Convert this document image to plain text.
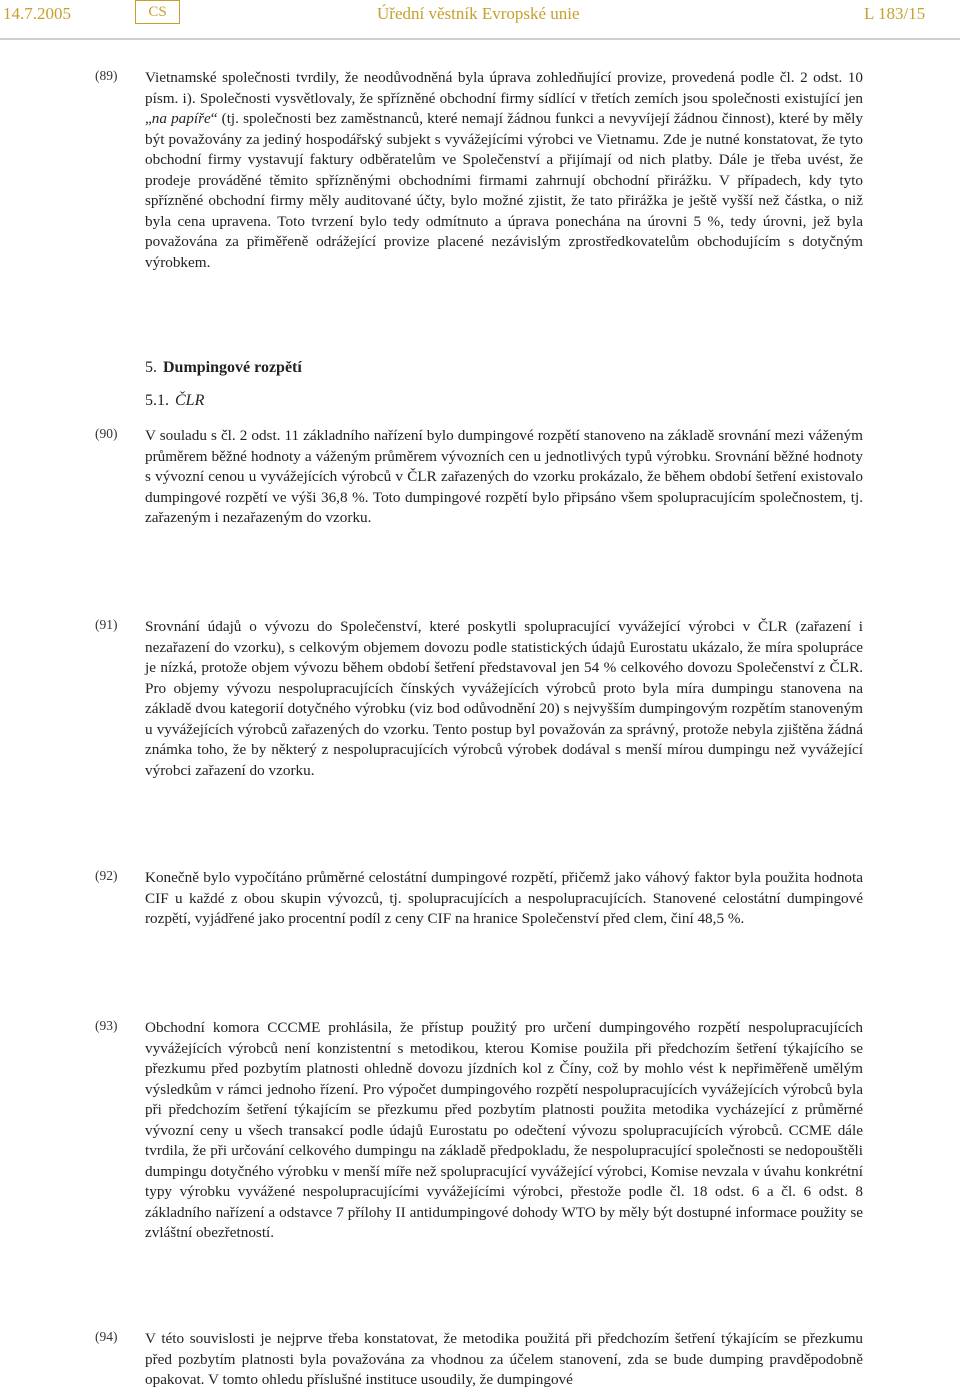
14.7.2005	CS	Úřední věstník Evropské unie	L 183/15
(89) Vietnamské společnosti tvrdily, že neodůvodněná byla úprava zohledňující provize, provedená podle čl. 2 odst. 10 písm. i). Společnosti vysvětlovaly, že spřízněné obchodní firmy sídlící v třetích zemích jsou společnosti existující jen „na papíře“ (tj. společnosti bez zaměstnanců, které nemají žádnou funkci a nevyvíjejí žádnou činnost), které by měly být považovány za jediný hospodářský subjekt s vyvážejícími výrobci ve Vietnamu. Zde je nutné konstatovat, že tyto obchodní firmy vystavují faktury odběratelům ve Společenství a přijímají od nich platby. Dále je třeba uvést, že prodeje prováděné těmito spřízněnými obchodními firmami zahrnují obchodní přirážku. V případech, kdy tyto spřízněné obchodní firmy měly auditované účty, bylo možné zjistit, že tato přirážka je ještě vyšší než částka, o niž byla cena upravena. Toto tvrzení bylo tedy odmítnuto a úprava ponechána na úrovni 5 %, tedy úrovni, jež byla považována za přiměřeně odrážející provize placené nezávislým zprostředkovatelům obchodujícím s dotyčným výrobkem.
5. Dumpingové rozpětí
5.1. ČLR
(90) V souladu s čl. 2 odst. 11 základního nařízení bylo dumpingové rozpětí stanoveno na základě srovnání mezi váženým průměrem běžné hodnoty a váženým průměrem vývozních cen u jednotlivých typů výrobku. Srovnání běžné hodnoty s vývozní cenou u vyvážejících výrobců v ČLR zařazených do vzorku prokázalo, že během období šetření existovalo dumpingové rozpětí ve výši 36,8 %. Toto dumpingové rozpětí bylo připsáno všem spolupracujícím společnostem, tj. zařazeným i nezařazeným do vzorku.
(91) Srovnání údajů o vývozu do Společenství, které poskytli spolupracující vyvážející výrobci v ČLR (zařazení i nezařazení do vzorku), s celkovým objemem dovozu podle statistických údajů Eurostatu ukázalo, že míra spolupráce je nízká, protože objem vývozu během období šetření představoval jen 54 % celkového dovozu Společenství z ČLR. Pro objemy vývozu nespolupracujících čínských vyvážejících výrobců proto byla míra dumpingu stanovena na základě dvou kategorií dotyčného výrobku (viz bod odůvodnění 20) s nejvyšším dumpingovým rozpětím stanoveným u vyvážejících výrobců zařazených do vzorku. Tento postup byl považován za správný, protože nebyla zjištěna žádná známka toho, že by některý z nespolupracujících výrobců výrobek dodával s menší mírou dumpingu než vyvážející výrobci zařazení do vzorku.
(92) Konečně bylo vypočítáno průměrné celostátní dumpingové rozpětí, přičemž jako váhový faktor byla použita hodnota CIF u každé z obou skupin vývozců, tj. spolupracujících a nespolupracujících. Stanovené celostátní dumpingové rozpětí, vyjádřené jako procentní podíl z ceny CIF na hranice Společenství před clem, činí 48,5 %.
(93) Obchodní komora CCCME prohlásila, že přístup použitý pro určení dumpingového rozpětí nespolupracujících vyvážejících výrobců není konzistentní s metodikou, kterou Komise použila při předchozím šetření týkajícího se přezkumu před pozbytím platnosti ohledně dovozu jízdních kol z Číny, což by mohlo vést k nepřiměřeně umělým výsledkům v rámci jednoho řízení. Pro výpočet dumpingového rozpětí nespolupracujících vyvážejících výrobců byla při předchozím šetření týkajícím se přezkumu před pozbytím platnosti použita metodika vycházející z průměrné vývozní ceny u všech transakcí podle údajů Eurostatu po odečtení vývozu spolupracujících výrobců. CCME dále tvrdila, že při určování celkového dumpingu na základě předpokladu, že nespolupracující společnosti se nedopouštěli dumpingu dotyčného výrobku v menší míře než spolupracující vyvážející výrobci, Komise nevzala v úvahu konkrétní typy výrobku vyvážené nespolupracujícími vyvážejícími výrobci, přestože podle čl. 18 odst. 6 a čl. 6 odst. 8 základního nařízení a odstavce 7 přílohy II antidumpingové dohody WTO by měly být dostupné informace použity se zvláštní obezřetností.
(94) V této souvislosti je nejprve třeba konstatovat, že metodika použitá při předchozím šetření týkajícím se přezkumu před pozbytím platnosti byla považována za vhodnou za účelem stanovení, zda se bude dumping pravděpodobně opakovat. V tomto ohledu příslušné instituce usoudily, že dumpingové
